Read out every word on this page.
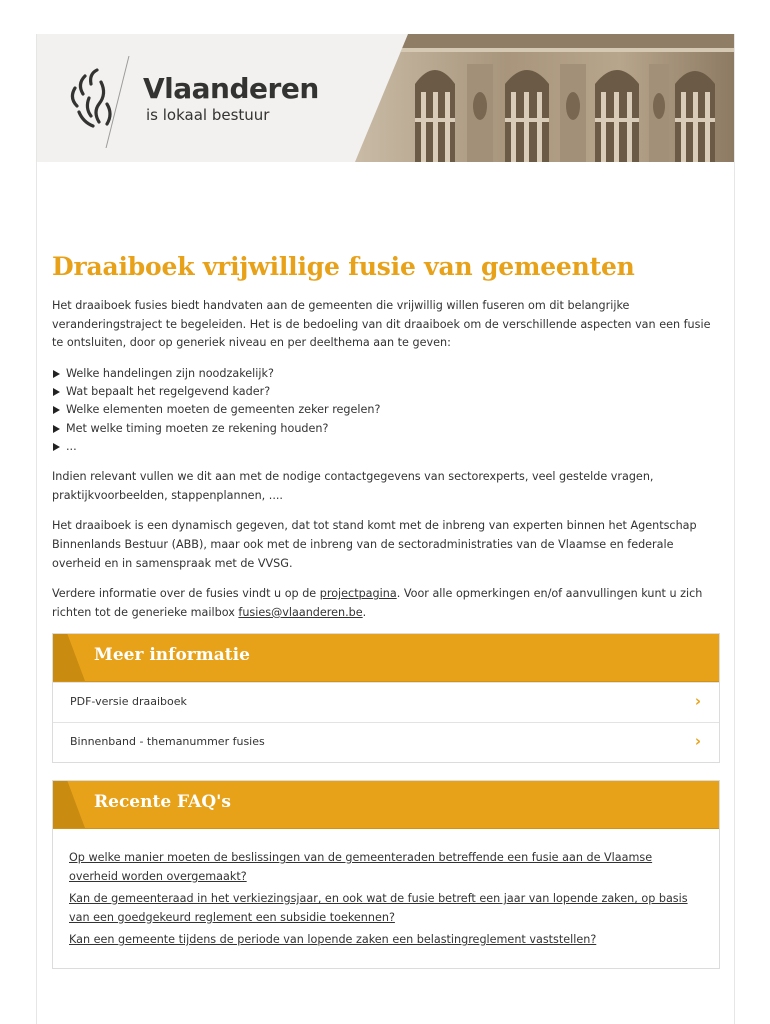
Vlaanderen
is lokaal bestuur
Draaiboek vrijwillige fusie van gemeenten

Het draaiboek fusies biedt handvaten aan de gemeenten die vrijwillig willen fuseren om dit belangrijke veranderingstraject te begeleiden. Het is de bedoeling van dit draaiboek om de verschillende aspecten van een fusie te ontsluiten, door op generiek niveau en per deelthema aan te geven:

Welke handelingen zijn noodzakelijk?
Wat bepaalt het regelgevend kader?
Welke elementen moeten de gemeenten zeker regelen?
Met welke timing moeten ze rekening houden?
...

Indien relevant vullen we dit aan met de nodige contactgegevens van sectorexperts, veel gestelde vragen, praktijkvoorbeelden, stappenplannen, ....

Het draaiboek is een dynamisch gegeven, dat tot stand komt met de inbreng van experten binnen het Agentschap Binnenlands Bestuur (ABB), maar ook met de inbreng van de sectoradministraties van de Vlaamse en federale overheid en in samenspraak met de VVSG.

Verdere informatie over de fusies vindt u op de projectpagina. Voor alle opmerkingen en/of aanvullingen kunt u zich richten tot de generieke mailbox fusies@vlaanderen.be.

Meer informatie
PDF-versie draaiboek	›
Binnenband - themanummer fusies	›
Recente FAQ's
Op welke manier moeten de beslissingen van de gemeenteraden betreffende een fusie aan de Vlaamse overheid worden overgemaakt?
Kan de gemeenteraad in het verkiezingsjaar, en ook wat de fusie betreft een jaar van lopende zaken, op basis van een goedgekeurd reglement een subsidie toekennen?
Kan een gemeente tijdens de periode van lopende zaken een belastingreglement vaststellen?
